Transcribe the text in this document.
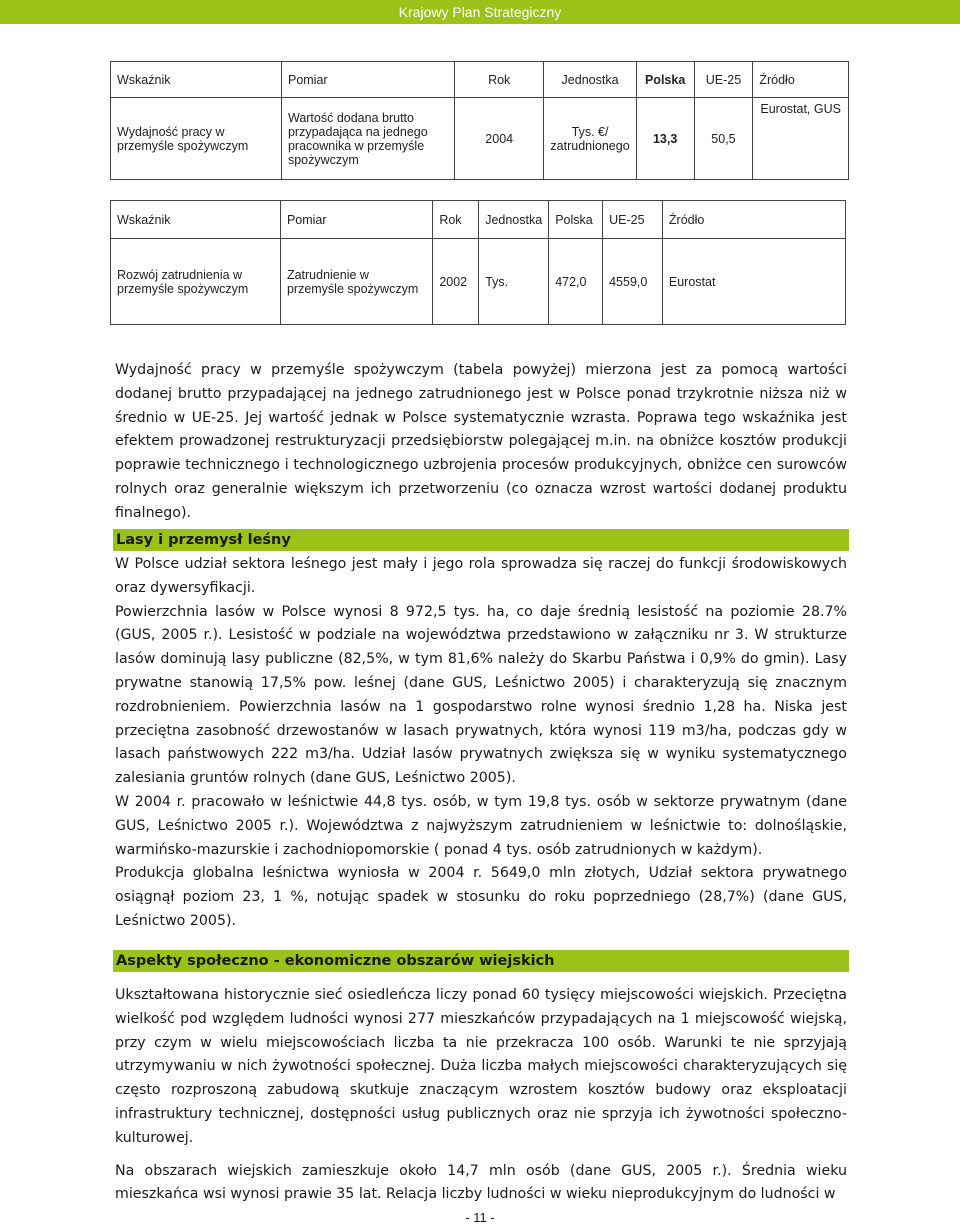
Krajowy Plan Strategiczny
Wskaźnik	Pomiar	Rok	Jednostka	Polska	UE-25	Źródło
Wydajność pracy w przemyśle spożywczym	Wartość dodana brutto przypadająca na jednego pracownika w przemyśle spożywczym	2004	Tys. €/ zatrudnionego	13,3	50,5	Eurostat, GUS
Wskaźnik	Pomiar	Rok	Jednostka	Polska	UE-25	Źródło
Rozwój zatrudnienia w przemyśle spożywczym	Zatrudnienie w przemyśle spożywczym	2002	Tys.	472,0	4559,0	Eurostat

Wydajność pracy w przemyśle spożywczym (tabela powyżej) mierzona jest za pomocą wartości dodanej brutto przypadającej na jednego zatrudnionego jest w Polsce ponad trzykrotnie niższa niż w średnio w UE-25. Jej wartość jednak w Polsce systematycznie wzrasta. Poprawa tego wskaźnika jest efektem prowadzonej restrukturyzacji przedsiębiorstw polegającej m.in. na obniżce kosztów produkcji poprawie technicznego i technologicznego uzbrojenia procesów produkcyjnych, obniżce cen surowców rolnych oraz generalnie większym ich przetworzeniu (co oznacza wzrost wartości dodanej produktu finalnego).

Lasy i przemysł leśny

W Polsce udział sektora leśnego jest mały i jego rola sprowadza się raczej do funkcji środowiskowych oraz dywersyfikacji.

Powierzchnia lasów w Polsce wynosi 8 972,5 tys. ha, co daje średnią lesistość na poziomie 28.7% (GUS, 2005 r.). Lesistość w podziale na województwa przedstawiono w załączniku nr 3. W strukturze lasów dominują lasy publiczne (82,5%, w tym 81,6% należy do Skarbu Państwa i 0,9% do gmin). Lasy prywatne stanowią 17,5% pow. leśnej (dane GUS, Leśnictwo 2005) i charakteryzują się znacznym rozdrobnieniem. Powierzchnia lasów na 1 gospodarstwo rolne wynosi średnio 1,28 ha. Niska jest przeciętna zasobność drzewostanów w lasach prywatnych, która wynosi 119 m3/ha, podczas gdy w lasach państwowych 222 m3/ha. Udział lasów prywatnych zwiększa się w wyniku systematycznego zalesiania gruntów rolnych (dane GUS, Leśnictwo 2005).

W 2004 r. pracowało w leśnictwie 44,8 tys. osób, w tym 19,8 tys. osób w sektorze prywatnym (dane GUS, Leśnictwo 2005 r.). Województwa z najwyższym zatrudnieniem w leśnictwie to: dolnośląskie, warmińsko-mazurskie i zachodniopomorskie ( ponad 4 tys. osób zatrudnionych w każdym).

Produkcja globalna leśnictwa wyniosła w 2004 r. 5649,0 mln złotych, Udział sektora prywatnego osiągnął poziom 23, 1 %, notując spadek w stosunku do roku poprzedniego (28,7%) (dane GUS, Leśnictwo 2005).

Aspekty społeczno - ekonomiczne obszarów wiejskich

Ukształtowana historycznie sieć osiedleńcza liczy ponad 60 tysięcy miejscowości wiejskich. Przeciętna wielkość pod względem ludności wynosi 277 mieszkańców przypadających na 1 miejscowość wiejską, przy czym w wielu miejscowościach liczba ta nie przekracza 100 osób. Warunki te nie sprzyjają utrzymywaniu w nich żywotności społecznej. Duża liczba małych miejscowości charakteryzujących się często rozproszoną zabudową skutkuje znaczącym wzrostem kosztów budowy oraz eksploatacji infrastruktury technicznej, dostępności usług publicznych oraz nie sprzyja ich żywotności społeczno-kulturowej.

Na obszarach wiejskich zamieszkuje około 14,7 mln osób (dane GUS, 2005 r.). Średnia wieku mieszkańca wsi wynosi prawie 35 lat. Relacja liczby ludności w wieku nieprodukcyjnym do ludności w

- 11 -
